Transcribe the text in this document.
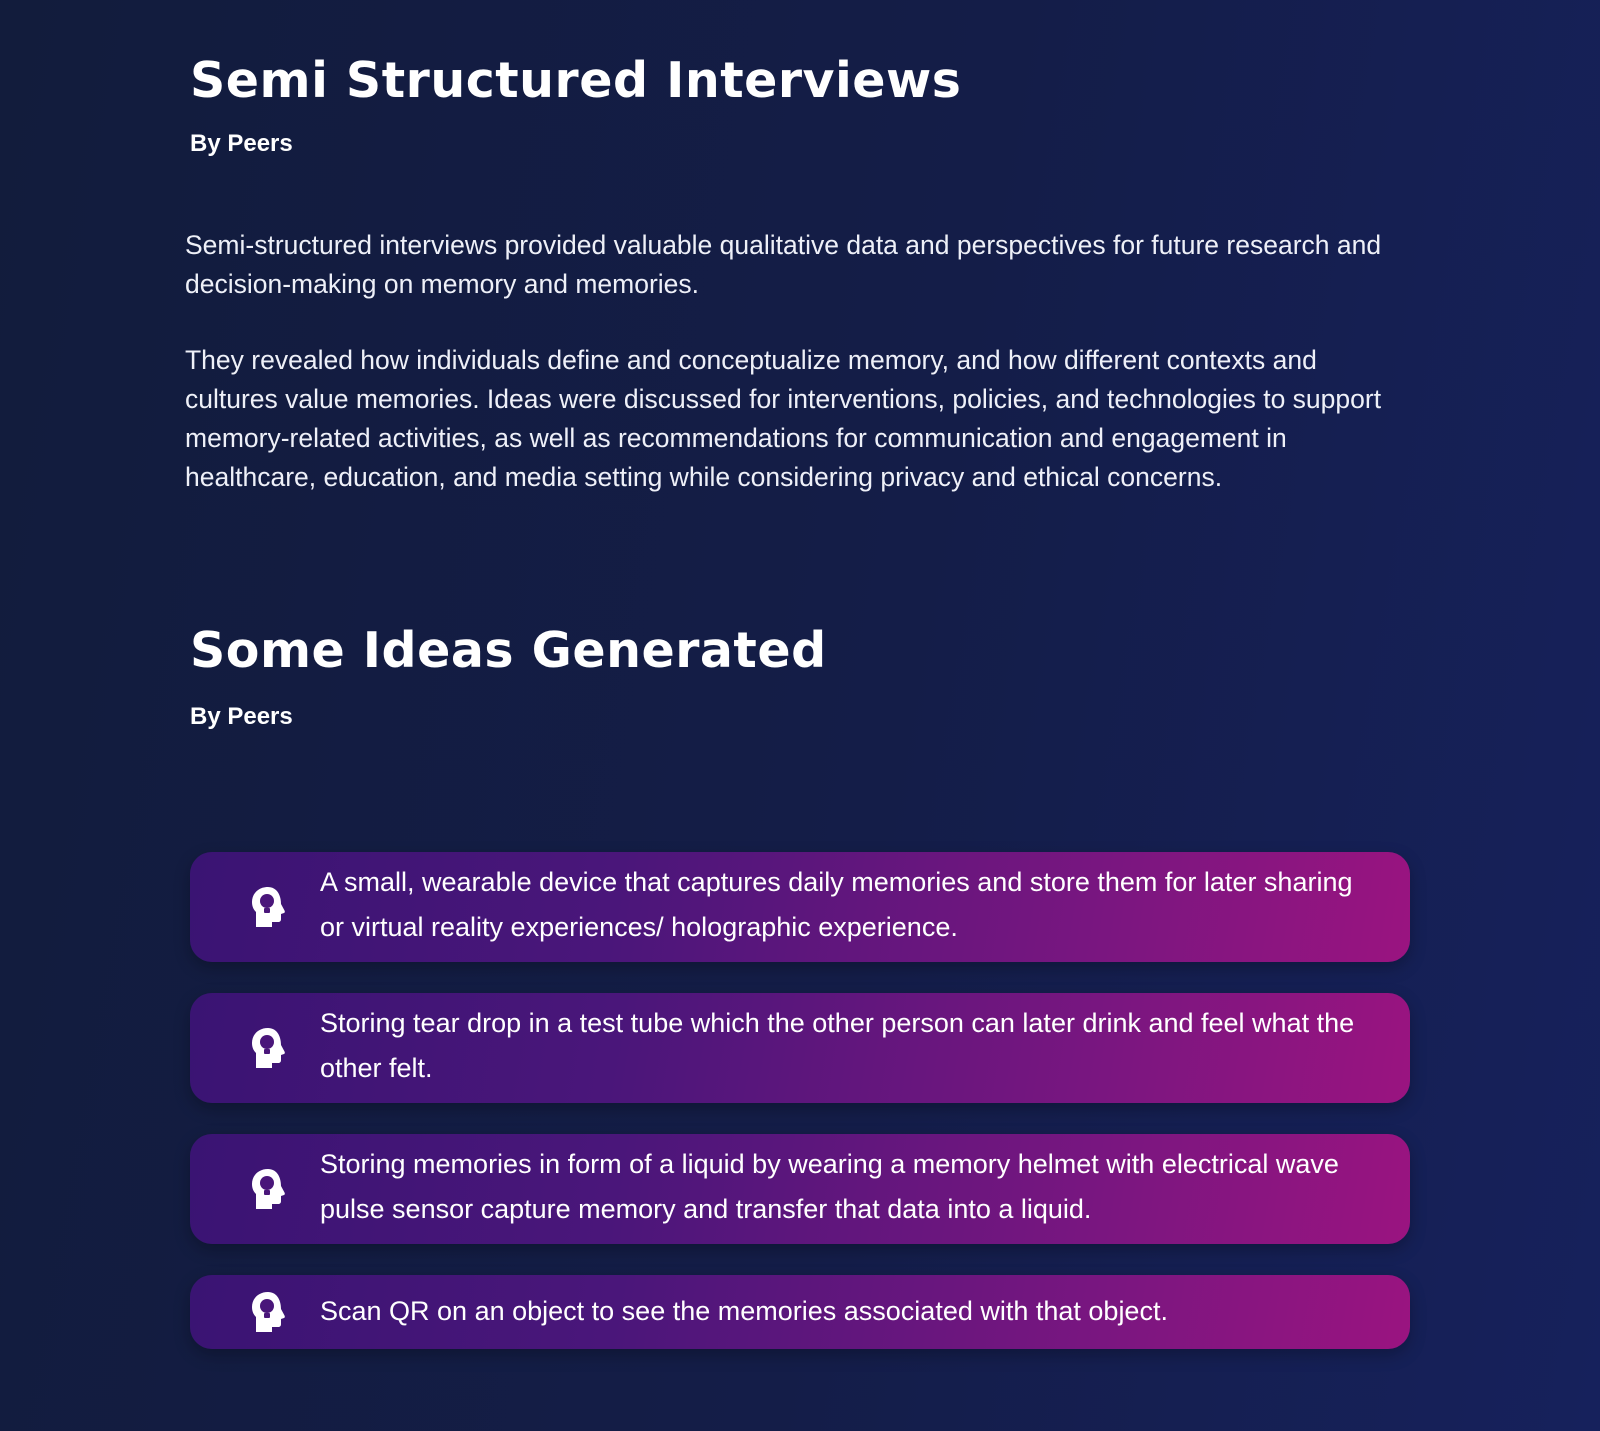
Semi Structured Interviews

By Peers

Semi-structured interviews provided valuable qualitative data and perspectives for future research and decision-making on memory and memories.

They revealed how individuals define and conceptualize memory, and how different contexts and cultures value memories. Ideas were discussed for interventions, policies, and technologies to support memory-related activities, as well as recommendations for communication and engagement in healthcare, education, and media setting while considering privacy and ethical concerns.

Some Ideas Generated

By Peers

A small, wearable device that captures daily memories and store them for later sharing or virtual reality experiences/ holographic experience.

Storing tear drop in a test tube which the other person can later drink and feel what the other felt.

Storing memories in form of a liquid by wearing a memory helmet with electrical wave pulse sensor capture memory and transfer that data into a liquid.

Scan QR on an object to see the memories associated with that object.
